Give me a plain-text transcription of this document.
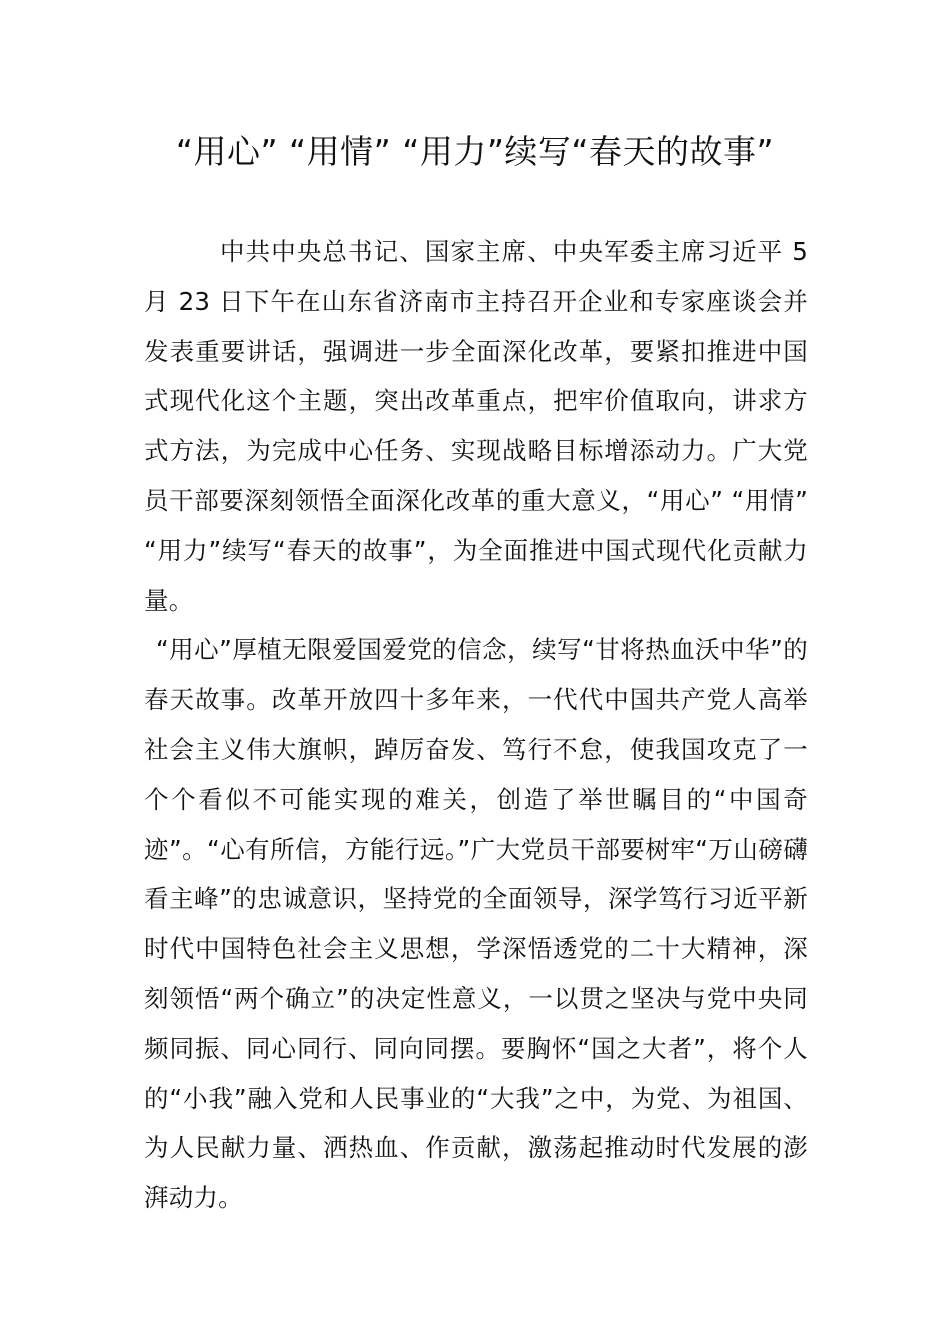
“用心” “用情” “用力”续写“春天的故事”

中共中央总书记、国家主席、中央军委主席习近平 5 月 23 日下午在山东省济南市主持召开企业和专家座谈会并发表重要讲话，强调进一步全面深化改革，要紧扣推进中国式现代化这个主题，突出改革重点，把牢价值取向，讲求方式方法，为完成中心任务、实现战略目标增添动力。广大党员干部要深刻领悟全面深化改革的重大意义，“用心” “用情” “用力”续写“春天的故事”，为全面推进中国式现代化贡献力量。

“用心”厚植无限爱国爱党的信念，续写“甘将热血沃中华”的春天故事。改革开放四十多年来，一代代中国共产党人高举社会主义伟大旗帜，踔厉奋发、笃行不怠，使我国攻克了一个个看似不可能实现的难关，创造了举世瞩目的“中国奇迹”。“心有所信，方能行远。”广大党员干部要树牢“万山磅礴看主峰”的忠诚意识，坚持党的全面领导，深学笃行习近平新时代中国特色社会主义思想，学深悟透党的二十大精神，深刻领悟“两个确立”的决定性意义，一以贯之坚决与党中央同频同振、同心同行、同向同摆。要胸怀“国之大者”，将个人的“小我”融入党和人民事业的“大我”之中，为党、为祖国、为人民献力量、洒热血、作贡献，激荡起推动时代发展的澎湃动力。
